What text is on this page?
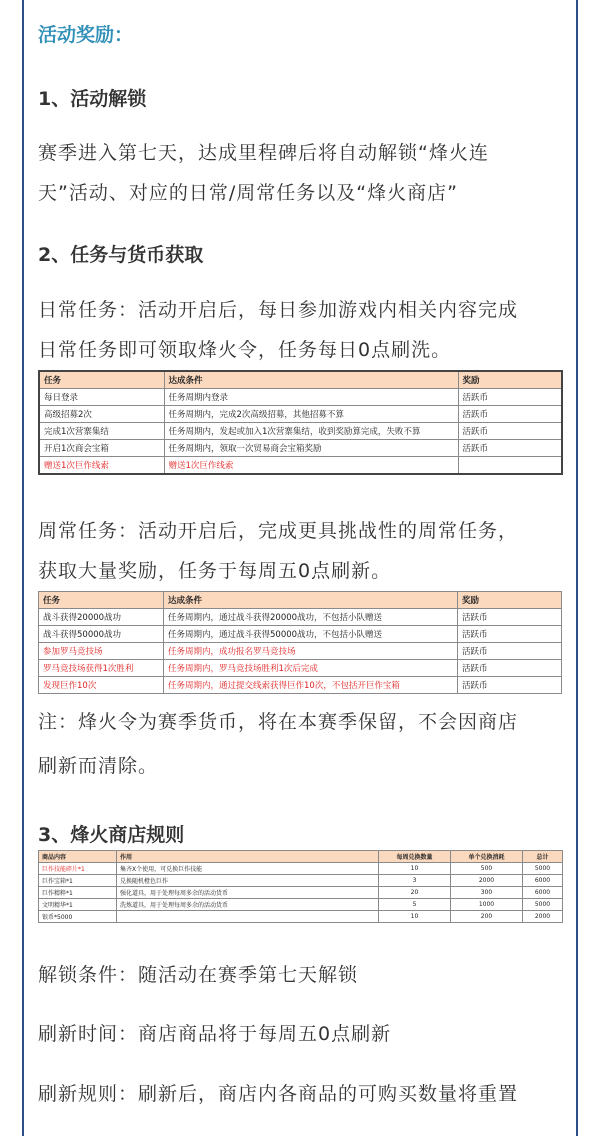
活动奖励：
1、活动解锁
赛季进入第七天，达成里程碑后将自动解锁“烽火连
天”活动、对应的日常/周常任务以及“烽火商店”
2、任务与货币获取
日常任务：活动开启后，每日参加游戏内相关内容完成
日常任务即可领取烽火令，任务每日0点刷洗。
任务	达成条件	奖励
每日登录	任务周期内登录	活跃币
高级招募2次	任务周期内，完成2次高级招募，其他招募不算	活跃币
完成1次营寨集结	任务周期内，发起或加入1次营寨集结，收到奖励算完成，失败不算	活跃币
开启1次商会宝箱	任务周期内，领取一次贸易商会宝箱奖励	活跃币
赠送1次巨作线索	赠送1次巨作线索	
周常任务：活动开启后，完成更具挑战性的周常任务，
获取大量奖励，任务于每周五0点刷新。
任务	达成条件	奖励
战斗获得20000战功	任务周期内，通过战斗获得20000战功，不包括小队赠送	活跃币
战斗获得50000战功	任务周期内，通过战斗获得50000战功，不包括小队赠送	活跃币
参加罗马竞技场	任务周期内，成功报名罗马竞技场	活跃币
罗马竞技场获得1次胜利	任务周期内，罗马竞技场胜利1次后完成	活跃币
发现巨作10次	任务周期内，通过提交线索获得巨作10次，不包括开巨作宝箱	活跃币
注：烽火令为赛季货币，将在本赛季保留，不会因商店
刷新而清除。
3、烽火商店规则
商品内容	作用	每周兑换数量	单个兑换消耗	总计
巨作技能碎片*1	集齐X个使用，可兑换巨作技能	10	500	5000
巨作宝箱*1	兑换随机橙色巨作	3	2000	6000
巨作精粹*1	强化道具，用于处理每周多余的活动货币	20	300	6000
文明精华*1	洗炼道具，用于处理每周多余的活动货币	5	1000	5000
银币*5000		10	200	2000
解锁条件：随活动在赛季第七天解锁
刷新时间：商店商品将于每周五0点刷新
刷新规则：刷新后，商店内各商品的可购买数量将重置
